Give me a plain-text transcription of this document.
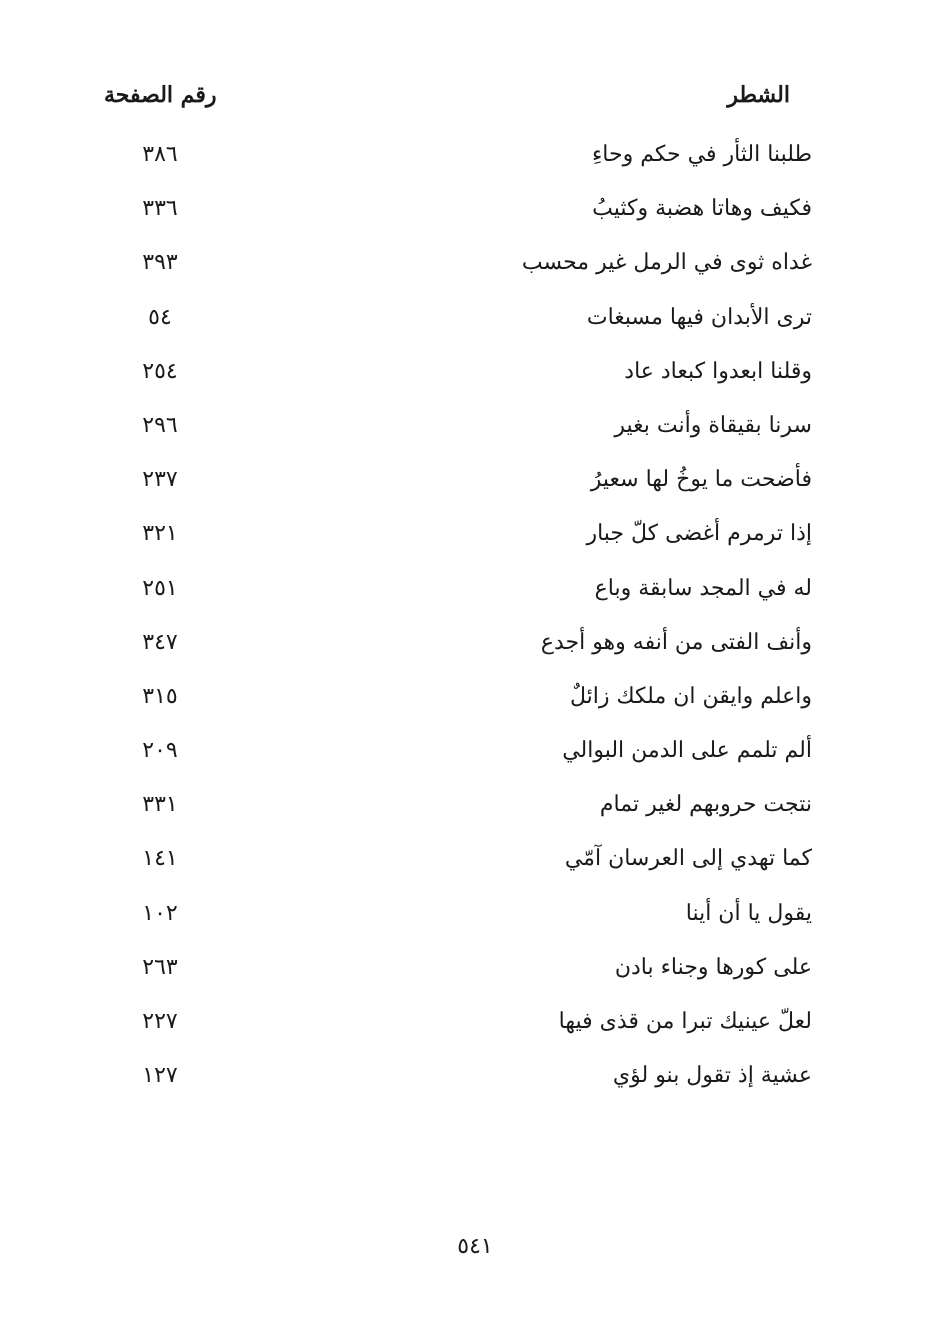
الشطر
رقم الصفحة
طلبنا الثأر في حكم وحاءِ
٣٨٦
فكيف وهاتا هضبة وكثيبُ
٣٣٦
غداه ثوى في الرمل غير محسب
٣٩٣
ترى الأبدان فيها مسبغات
٥٤
وقلنا ابعدوا كبعاد عاد
٢٥٤
سرنا بقيقاة وأنت بغير
٢٩٦
فأضحت ما يوخُ لها سعيرُ
٢٣٧
إذا ترمرم أغضى كلّ جبار
٣٢١
له في المجد سابقة وباع
٢٥١
وأنف الفتى من أنفه وهو أجدع
٣٤٧
واعلم وايقن ان ملكك زائلٌ
٣١٥
ألم تلمم على الدمن البوالي
٢٠٩
نتجت حروبهم لغير تمام
٣٣١
كما تهدي إلى العرسان آمّي
١٤١
يقول يا أن أينا
١٠٢
على كورها وجناء بادن
٢٦٣
لعلّ عينيك تبرا من قذى فيها
٢٢٧
عشية إذ تقول بنو لؤي
١٢٧
٥٤١
